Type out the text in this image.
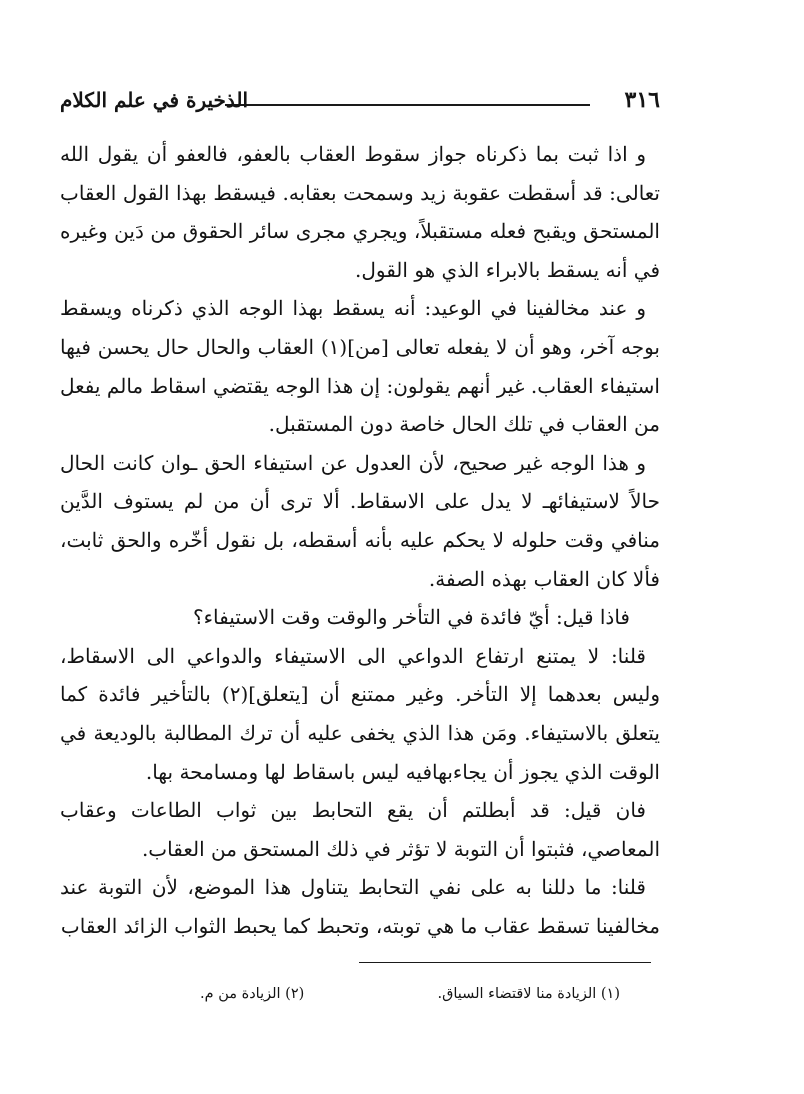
٣١٦
الذخيرة في علم الكلام

و اذا ثبت بما ذكرناه جواز سقوط العقاب بالعفو، فالعفو أن يقول الله تعالى: قد أسقطت عقوبة زيد وسمحت بعقابه. فيسقط بهذا القول العقاب المستحق ويقبح فعله مستقبلاً، ويجري مجرى سائر الحقوق من دَين وغيره في أنه يسقط بالابراء الذي هو القول.

و عند مخالفينا في الوعيد: أنه يسقط بهذا الوجه الذي ذكرناه ويسقط بوجه آخر، وهو أن لا يفعله تعالى [من](١) العقاب والحال حال يحسن فيها استيفاء العقاب. غير أنهم يقولون: إن هذا الوجه يقتضي اسقاط مالم يفعل من العقاب في تلك الحال خاصة دون المستقبل.

و هذا الوجه غير صحيح، لأن العدول عن استيفاء الحق ـوان كانت الحال حالاً لاستيفائهـ لا يدل على الاسقاط. ألا ترى أن من لم يستوف الدَّين منافي وقت حلوله لا يحكم عليه بأنه أسقطه، بل نقول أخّره والحق ثابت، فألا كان العقاب بهذه الصفة.

فاذا قيل: أيّ فائدة في التأخر والوقت وقت الاستيفاء؟

قلنا: لا يمتنع ارتفاع الدواعي الى الاستيفاء والدواعي الى الاسقاط، وليس بعدهما إلا التأخر. وغير ممتنع أن [يتعلق](٢) بالتأخير فائدة كما يتعلق بالاستيفاء. ومَن هذا الذي يخفى عليه أن ترك المطالبة بالوديعة في الوقت الذي يجوز أن يجاءبهافيه ليس باسقاط لها ومسامحة بها.

فان قيل: قد أبطلتم أن يقع التحابط بين ثواب الطاعات وعقاب المعاصي، فثبتوا أن التوبة لا تؤثر في ذلك المستحق من العقاب.

قلنا: ما دللنا به على نفي التحابط يتناول هذا الموضع، لأن التوبة عند مخالفينا تسقط عقاب ما هي توبته، وتحبط كما يحبط الثواب الزائد العقاب

(١) الزيادة منا لاقتضاء السياق.
(٢) الزيادة من م.
